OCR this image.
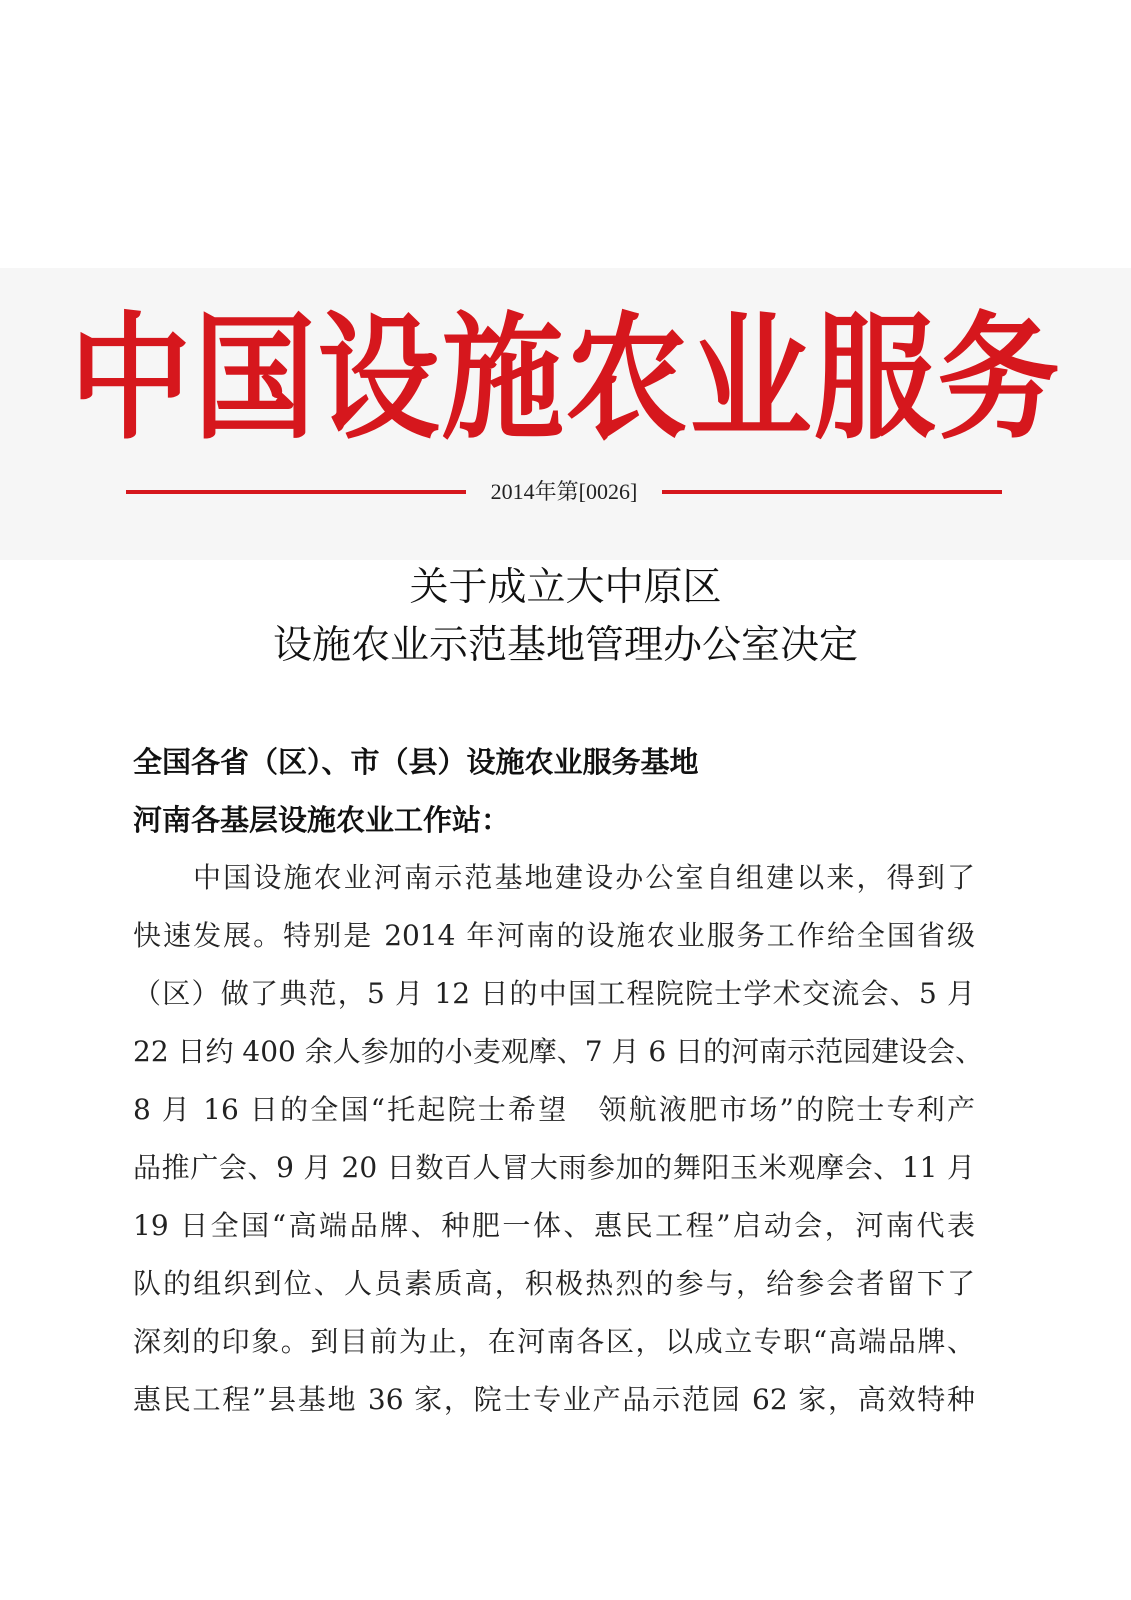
中国设施农业服务
2014年第[0026]
关于成立大中原区
设施农业示范基地管理办公室决定
全国各省（区）、市（县）设施农业服务基地
河南各基层设施农业工作站：
中国设施农业河南示范基地建设办公室自组建以来，得到了
快速发展。特别是 2014 年河南的设施农业服务工作给全国省级
（区）做了典范，5 月 12 日的中国工程院院士学术交流会、5 月
22 日约 400 余人参加的小麦观摩、7 月 6 日的河南示范园建设会、
8 月 16 日的全国“托起院士希望　领航液肥市场”的院士专利产
品推广会、9 月 20 日数百人冒大雨参加的舞阳玉米观摩会、11 月
19 日全国“高端品牌、种肥一体、惠民工程”启动会，河南代表
队的组织到位、人员素质高，积极热烈的参与，给参会者留下了
深刻的印象。到目前为止，在河南各区，以成立专职“高端品牌、
惠民工程”县基地 36 家，院士专业产品示范园 62 家，高效特种
